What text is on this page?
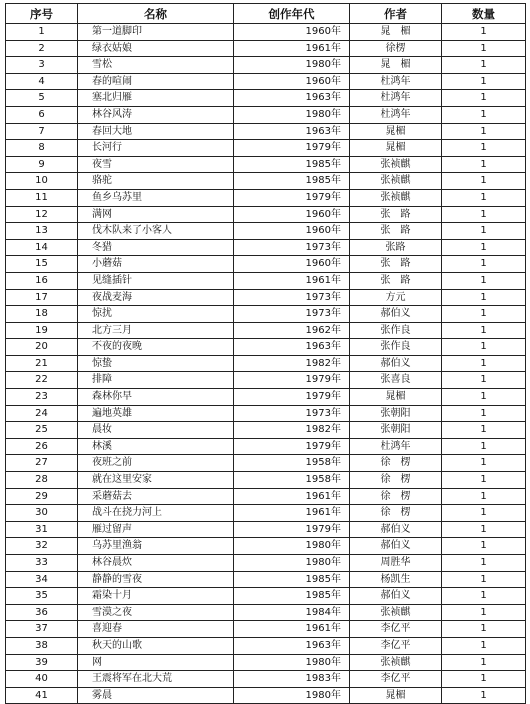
序号	名称	创作年代	作者	数量
1	第一道脚印	1960年	晁　楣	1
2	绿衣姑娘	1961年	徐楞	1
3	雪松	1980年	晁　楣	1
4	春的喧闹	1960年	杜鸿年	1
5	塞北归雁	1963年	杜鸿年	1
6	林谷风涛	1980年	杜鸿年	1
7	春回大地	1963年	晁楣	1
8	长河行	1979年	晁楣	1
9	夜雪	1985年	张祯麒	1
10	骆驼	1985年	张祯麒	1
11	鱼乡乌苏里	1979年	张祯麒	1
12	满网	1960年	张　路	1
13	伐木队来了小客人	1960年	张　路	1
14	冬猎	1973年	张路	1
15	小蘑菇	1960年	张　路	1
16	见缝插针	1961年	张　路	1
17	夜战麦海	1973年	方元	1
18	惊扰	1973年	郝伯义	1
19	北方三月	1962年	张作良	1
20	不夜的夜晚	1963年	张作良	1
21	惊蛰	1982年	郝伯义	1
22	排障	1979年	张喜良	1
23	森林你早	1979年	晁楣	1
24	遍地英雄	1973年	张朝阳	1
25	晨妆	1982年	张朝阳	1
26	林溪	1979年	杜鸿年	1
27	夜班之前	1958年	徐　楞	1
28	就在这里安家	1958年	徐　楞	1
29	采蘑菇去	1961年	徐　楞	1
30	战斗在挠力河上	1961年	徐　楞	1
31	雁过留声	1979年	郝伯义	1
32	乌苏里渔翁	1980年	郝伯义	1
33	林谷晨炊	1980年	周胜华	1
34	静静的雪夜	1985年	杨凯生	1
35	霜染十月	1985年	郝伯义	1
36	雪漠之夜	1984年	张祯麒	1
37	喜迎春	1961年	李亿平	1
38	秋天的山歌	1963年	李亿平	1
39	网	1980年	张祯麒	1
40	王震将军在北大荒	1983年	李亿平	1
41	雾晨	1980年	晁楣	1
